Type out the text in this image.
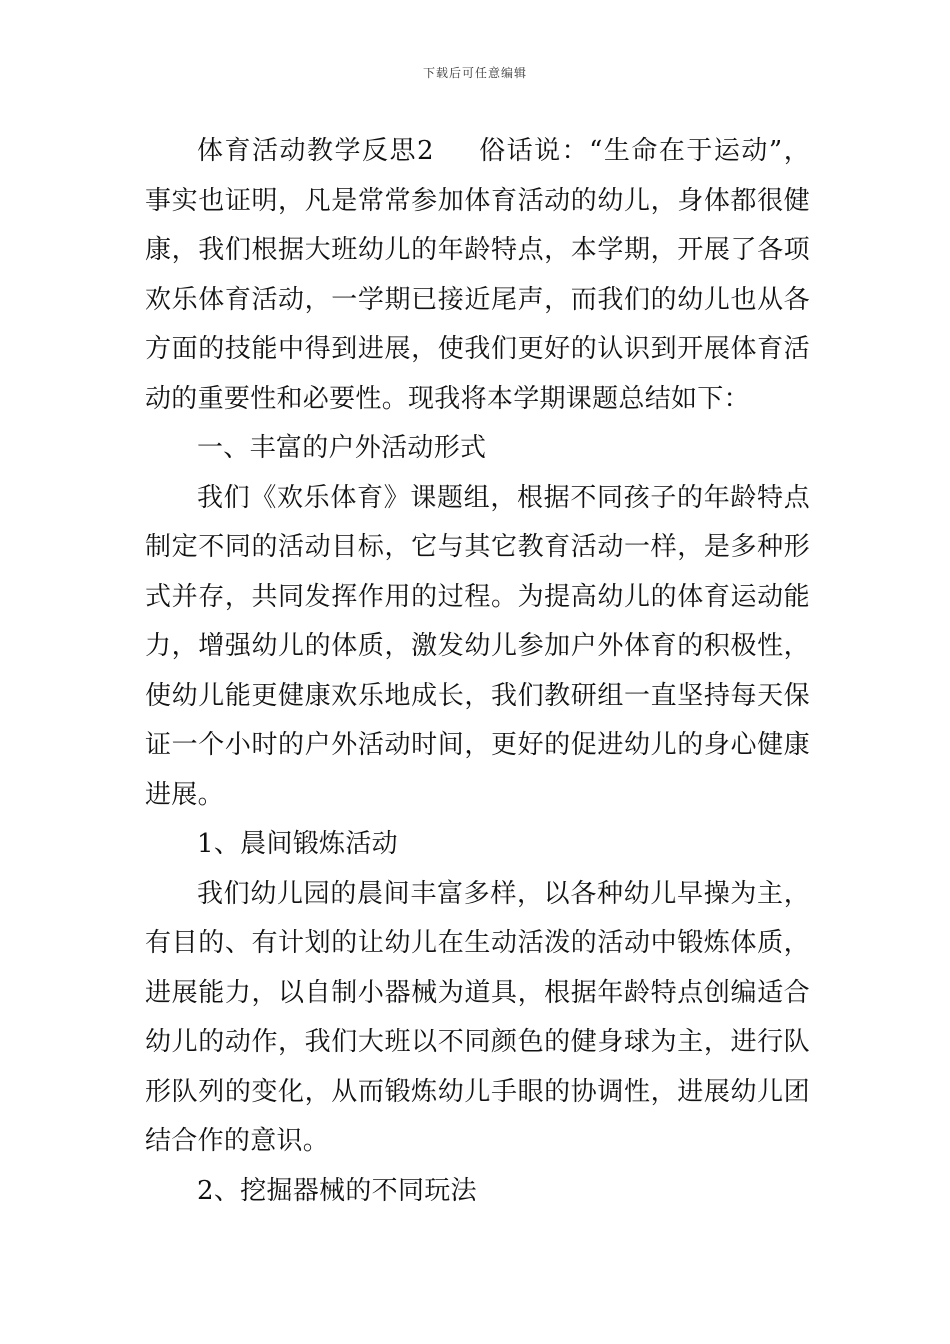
下载后可任意编辑

体育活动教学反思2 俗话说：“生命在于运动”，事实也证明，凡是常常参加体育活动的幼儿，身体都很健康，我们根据大班幼儿的年龄特点，本学期，开展了各项欢乐体育活动，一学期已接近尾声，而我们的幼儿也从各方面的技能中得到进展，使我们更好的认识到开展体育活动的重要性和必要性。现我将本学期课题总结如下：

一、丰富的户外活动形式

我们《欢乐体育》课题组，根据不同孩子的年龄特点制定不同的活动目标，它与其它教育活动一样，是多种形式并存，共同发挥作用的过程。为提高幼儿的体育运动能力，增强幼儿的体质，激发幼儿参加户外体育的积极性，使幼儿能更健康欢乐地成长，我们教研组一直坚持每天保证一个小时的户外活动时间，更好的促进幼儿的身心健康进展。

1、晨间锻炼活动

我们幼儿园的晨间丰富多样，以各种幼儿早操为主，有目的、有计划的让幼儿在生动活泼的活动中锻炼体质，进展能力，以自制小器械为道具，根据年龄特点创编适合幼儿的动作，我们大班以不同颜色的健身球为主，进行队形队列的变化，从而锻炼幼儿手眼的协调性，进展幼儿团结合作的意识。

2、挖掘器械的不同玩法
